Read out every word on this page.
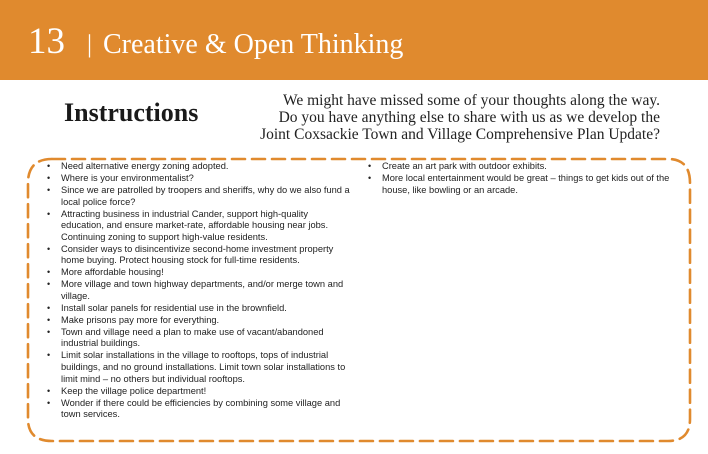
13 | Creative & Open Thinking
Instructions	We might have missed some of your thoughts along the way.
Do you have anything else to share with us as we develop the
Joint Coxsackie Town and Village Comprehensive Plan Update?
• Need alternative energy zoning adopted.
• Where is your environmentalist?
• Since we are patrolled by troopers and sheriffs, why do we also fund a local police force?
• Attracting business in industrial Cander, support high-quality education, and ensure market-rate, affordable housing near jobs. Continuing zoning to support high-value residents.
• Consider ways to disincentivize second-home investment property home buying. Protect housing stock for full-time residents.
• More affordable housing!
• More village and town highway departments, and/or merge town and village.
• Install solar panels for residential use in the brownfield.
• Make prisons pay more for everything.
• Town and village need a plan to make use of vacant/abandoned industrial buildings.
• Limit solar installations in the village to rooftops, tops of industrial buildings, and no ground installations. Limit town solar installations to limit mind – no others but individual rooftops.
• Keep the village police department!
• Wonder if there could be efficiencies by combining some village and town services.
• Create an art park with outdoor exhibits.
• More local entertainment would be great – things to get kids out of the house, like bowling or an arcade.
